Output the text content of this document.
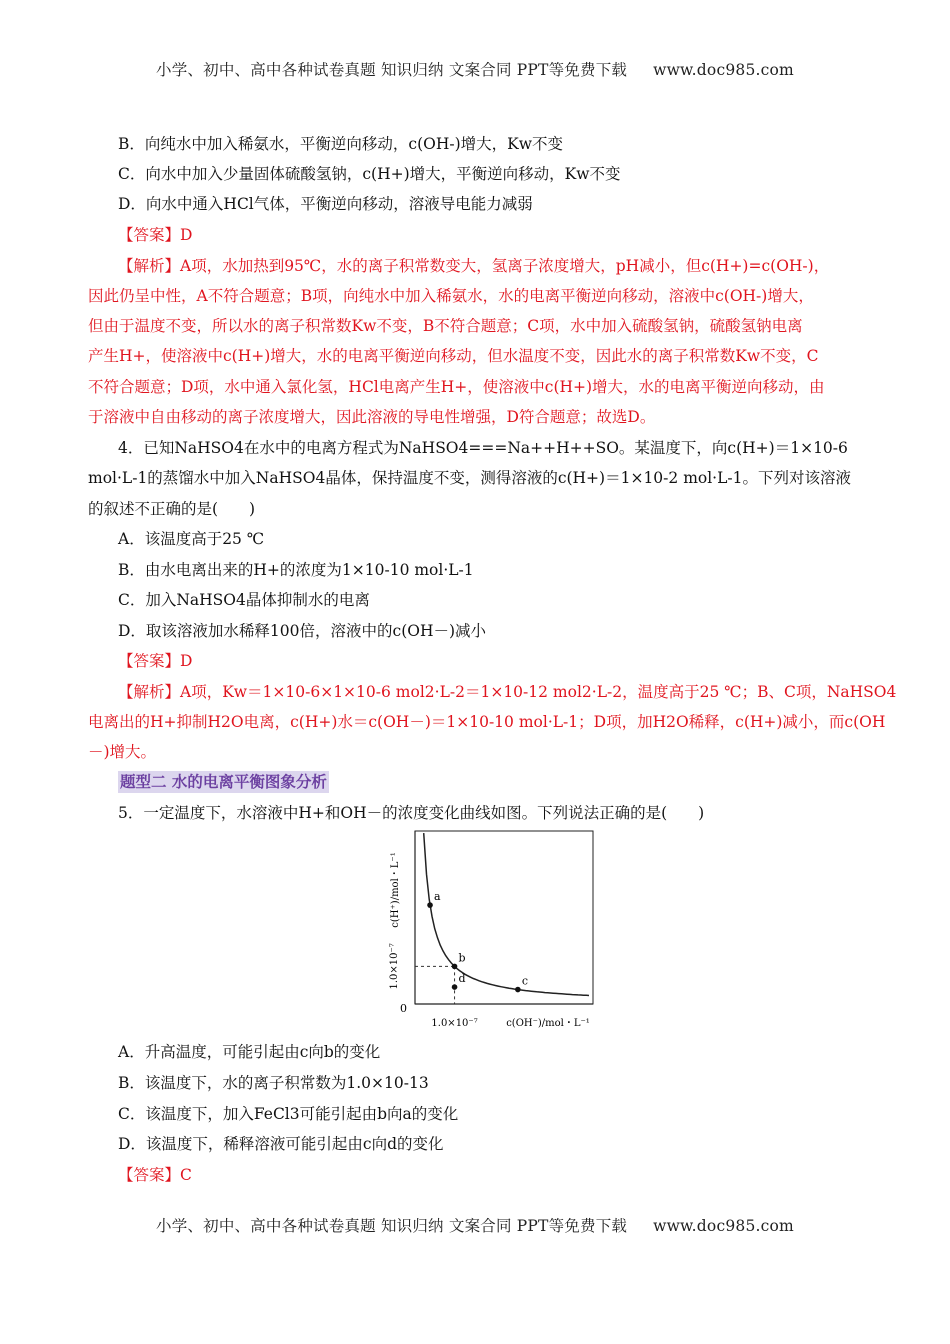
小学、初中、高中各种试卷真题 知识归纳 文案合同 PPT等免费下载 www.doc985.com
小学、初中、高中各种试卷真题 知识归纳 文案合同 PPT等免费下载 www.doc985.com
B．向纯水中加入稀氨水，平衡逆向移动，c(OH-)增大，Kw不变
C．向水中加入少量固体硫酸氢钠，c(H+)增大，平衡逆向移动，Kw不变
D．向水中通入HCl气体，平衡逆向移动，溶液导电能力减弱
【答案】D
【解析】A项，水加热到95℃，水的离子积常数变大，氢离子浓度增大，pH减小，但c(H+)=c(OH-)，
因此仍呈中性，A不符合题意；B项，向纯水中加入稀氨水，水的电离平衡逆向移动，溶液中c(OH-)增大，
但由于温度不变，所以水的离子积常数Kw不变，B不符合题意；C项，水中加入硫酸氢钠，硫酸氢钠电离
产生H+，使溶液中c(H+)增大，水的电离平衡逆向移动，但水温度不变，因此水的离子积常数Kw不变，C
不符合题意；D项，水中通入氯化氢，HCl电离产生H+，使溶液中c(H+)增大，水的电离平衡逆向移动，由
于溶液中自由移动的离子浓度增大，因此溶液的导电性增强，D符合题意；故选D。
4．已知NaHSO4在水中的电离方程式为NaHSO4===Na++H++SO。某温度下，向c(H+)＝1×10-6
mol·L-1的蒸馏水中加入NaHSO4晶体，保持温度不变，测得溶液的c(H+)＝1×10-2 mol·L-1。下列对该溶液
的叙述不正确的是(　　)
A．该温度高于25 ℃
B．由水电离出来的H+的浓度为1×10-10 mol·L-1
C．加入NaHSO4晶体抑制水的电离
D．取该溶液加水稀释100倍，溶液中的c(OH－)减小
【答案】D
【解析】A项，Kw＝1×10-6×1×10-6 mol2·L-2＝1×10-12 mol2·L-2，温度高于25 ℃；B、C项，NaHSO4
电离出的H+抑制H2O电离，c(H+)水＝c(OH－)＝1×10-10 mol·L-1；D项，加H2O稀释，c(H+)减小，而c(OH
－)增大。
题型二 水的电离平衡图象分析
5．一定温度下，水溶液中H+和OH－的浓度变化曲线如图。下列说法正确的是(　　)
a
b
c
d
0
1.0×10⁻⁷	c(OH⁻)/mol・L⁻¹
1.0×10⁻⁷
c(H⁺)/mol・L⁻¹
A．升高温度，可能引起由c向b的变化
B．该温度下，水的离子积常数为1.0×10-13
C．该温度下，加入FeCl3可能引起由b向a的变化
D．该温度下，稀释溶液可能引起由c向d的变化
【答案】C
